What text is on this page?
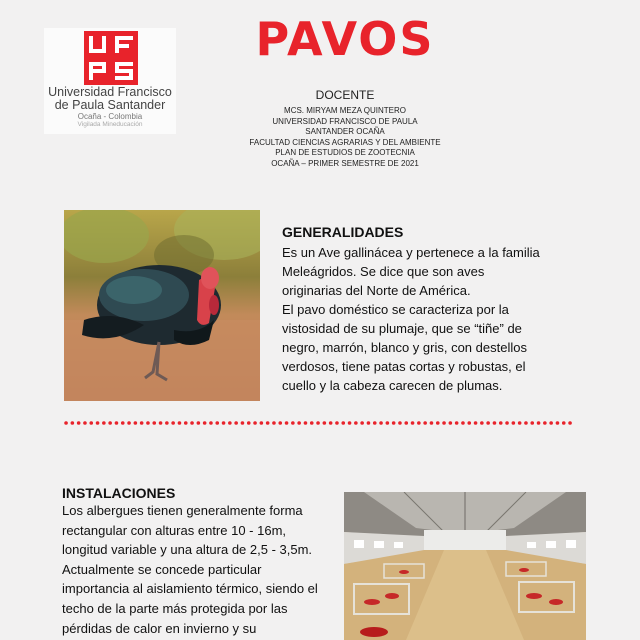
Universidad Francisco
de Paula Santander
Ocaña - Colombia
Vigilada Mineducación
PAVOS
DOCENTE
MCS. MIRYAM MEZA QUINTERO
UNIVERSIDAD FRANCISCO DE PAULA
SANTANDER OCAÑA
FACULTAD CIENCIAS AGRARIAS Y DEL AMBIENTE
PLAN DE ESTUDIOS DE ZOOTECNIA
OCAÑA – PRIMER SEMESTRE DE 2021
GENERALIDADES
Es un Ave gallinácea y pertenece a la familia
Meleágridos. Se dice que son aves
originarias del Norte de América.
El pavo doméstico se caracteriza por la
vistosidad de su plumaje, que se “tiñe” de
negro, marrón, blanco y gris, con destellos
verdosos, tiene patas cortas y robustas, el
cuello y la cabeza carecen de plumas.
INSTALACIONES
Los albergues tienen generalmente forma
rectangular con alturas entre 10 - 16m,
longitud variable y una altura de 2,5 - 3,5m.
Actualmente se concede particular
importancia al aislamiento térmico, siendo el
techo de la parte más protegida por las
pérdidas de calor en invierno y su
